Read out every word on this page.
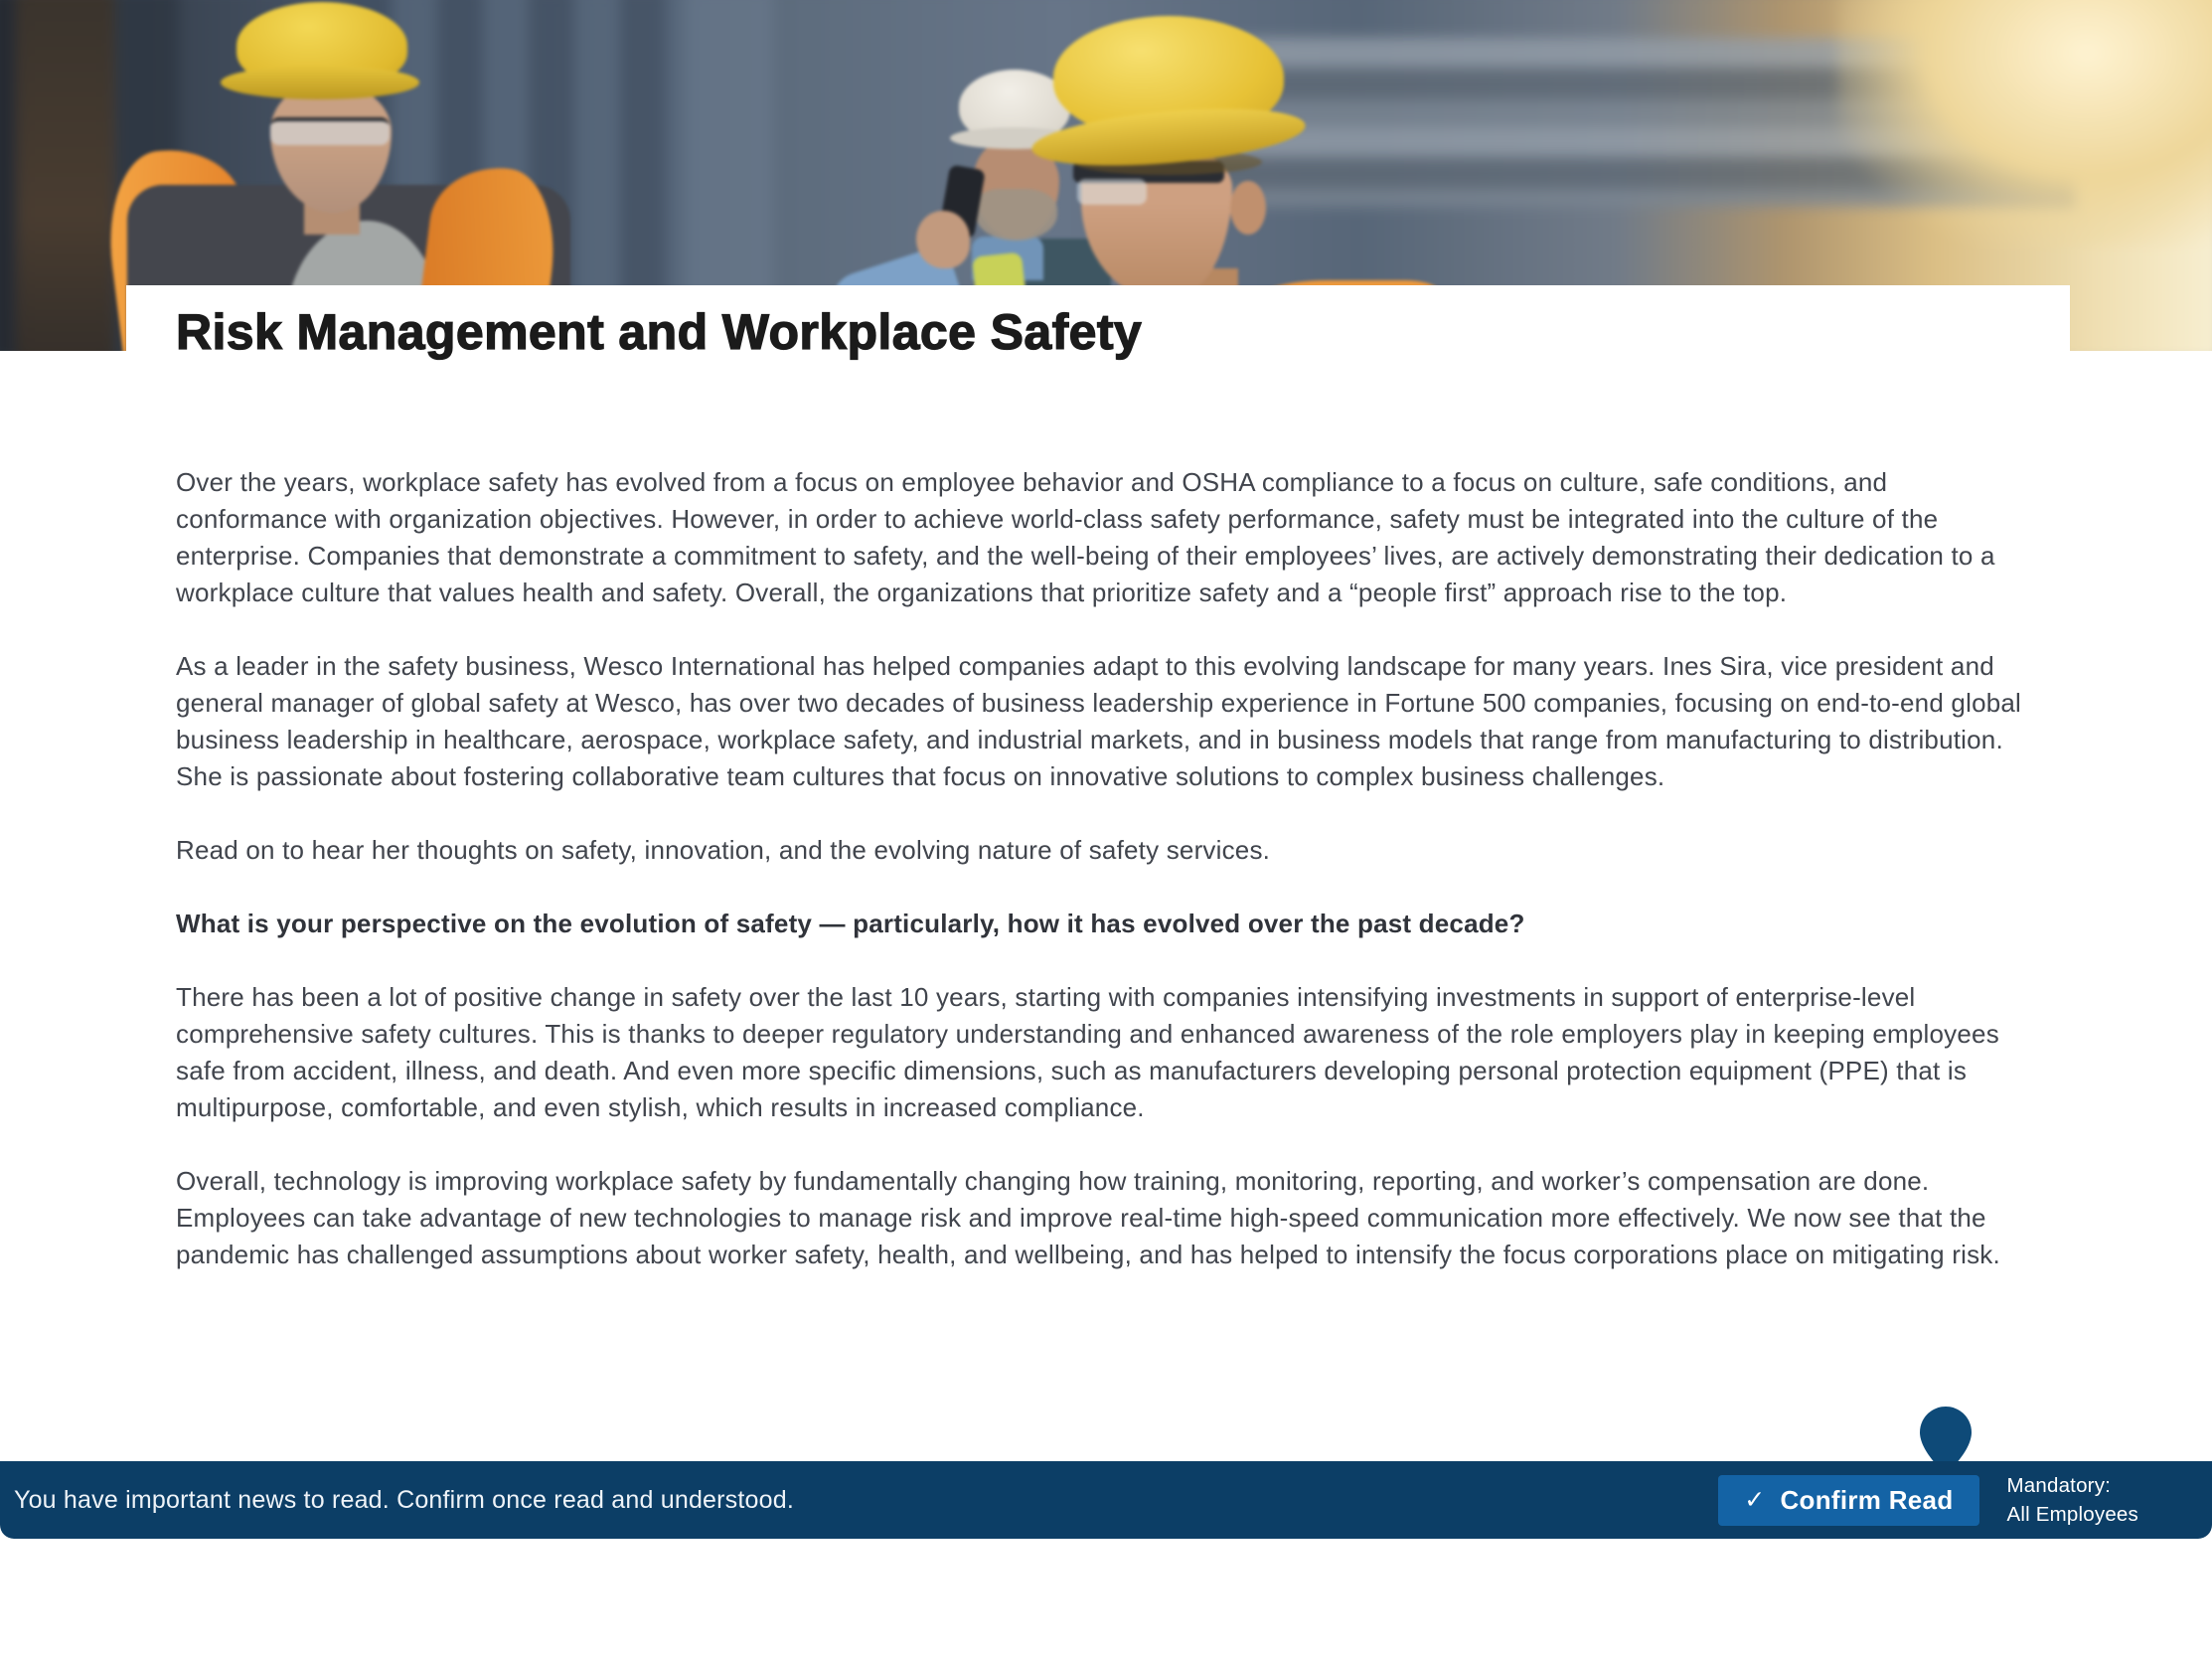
Risk Management and Workplace Safety

Over the years, workplace safety has evolved from a focus on employee behavior and OSHA compliance to a focus on culture, safe conditions, and conformance with organization objectives. However, in order to achieve world-class safety performance, safety must be integrated into the culture of the enterprise. Companies that demonstrate a commitment to safety, and the well-being of their employees’ lives, are actively demonstrating their dedication to a workplace culture that values health and safety. Overall, the organizations that prioritize safety and a “people first” approach rise to the top.

As a leader in the safety business, Wesco International has helped companies adapt to this evolving landscape for many years. Ines Sira, vice president and general manager of global safety at Wesco, has over two decades of business leadership experience in Fortune 500 companies, focusing on end-to-end global business leadership in healthcare, aerospace, workplace safety, and industrial markets, and in business models that range from manufacturing to distribution. She is passionate about fostering collaborative team cultures that focus on innovative solutions to complex business challenges.

Read on to hear her thoughts on safety, innovation, and the evolving nature of safety services.

What is your perspective on the evolution of safety — particularly, how it has evolved over the past decade?

There has been a lot of positive change in safety over the last 10 years, starting with companies intensifying investments in support of enterprise-level comprehensive safety cultures. This is thanks to deeper regulatory understanding and enhanced awareness of the role employers play in keeping employees safe from accident, illness, and death. And even more specific dimensions, such as manufacturers developing personal protection equipment (PPE) that is multipurpose, comfortable, and even stylish, which results in increased compliance.

Overall, technology is improving workplace safety by fundamentally changing how training, monitoring, reporting, and worker’s compensation are done. Employees can take advantage of new technologies to manage risk and improve real-time high-speed communication more effectively. We now see that the pandemic has challenged assumptions about worker safety, health, and wellbeing, and has helped to intensify the focus corporations place on mitigating risk.

You have important news to read. Confirm once read and understood.	✓ Confirm Read	Mandatory:
All Employees
